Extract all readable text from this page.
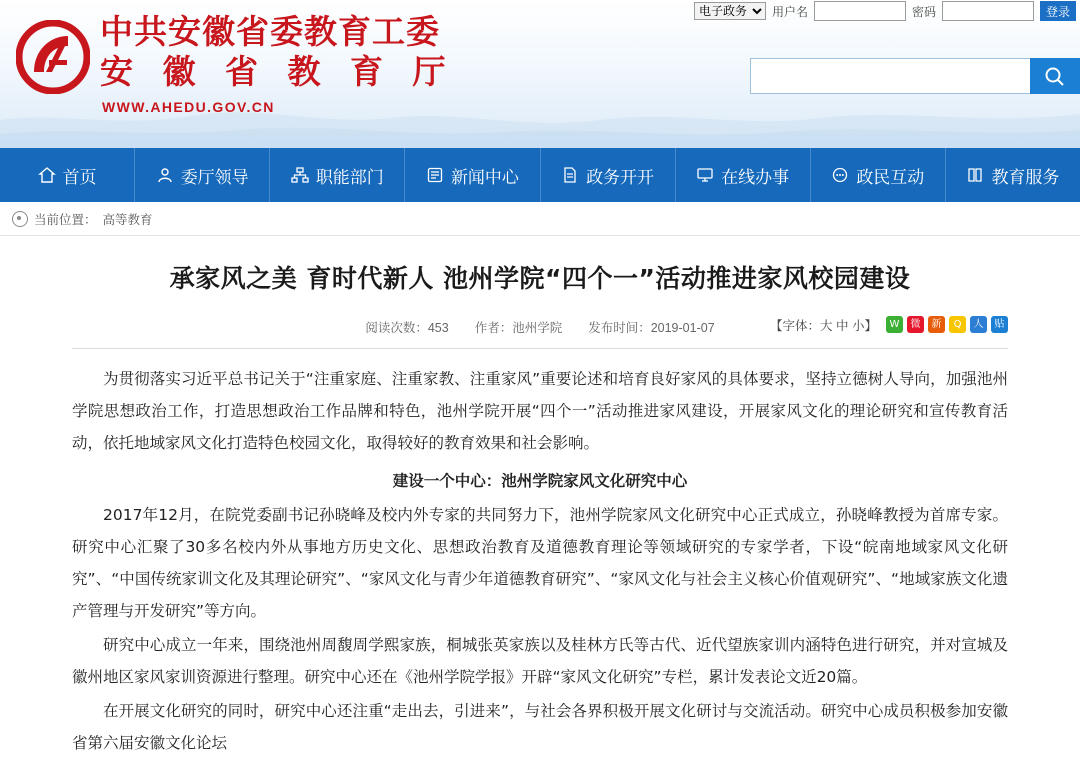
电子政务
用户名	密码	登录
中共安徽省委教育工委
安 徽 省 教 育 厅
WWW.AHEDU.GOV.CN
首页	委厅领导	职能部门	新闻中心	政务开开	在线办事	政民互动	教育服务
当前位置： 高等教育
承家风之美 育时代新人 池州学院“四个一”活动推进家风校园建设
阅读次数：453 作者：池州学院 发布时间：2019-01-07	【字体：大 中 小】	W	微	新	Q	人	贴

为贯彻落实习近平总书记关于“注重家庭、注重家教、注重家风”重要论述和培育良好家风的具体要求，坚持立德树人导向，加强池州学院思想政治工作，打造思想政治工作品牌和特色，池州学院开展“四个一”活动推进家风建设，开展家风文化的理论研究和宣传教育活动，依托地域家风文化打造特色校园文化，取得较好的教育效果和社会影响。

建设一个中心：池州学院家风文化研究中心

2017年12月，在院党委副书记孙晓峰及校内外专家的共同努力下，池州学院家风文化研究中心正式成立，孙晓峰教授为首席专家。研究中心汇聚了30多名校内外从事地方历史文化、思想政治教育及道德教育理论等领域研究的专家学者，下设“皖南地域家风文化研究”、“中国传统家训文化及其理论研究”、“家风文化与青少年道德教育研究”、“家风文化与社会主义核心价值观研究”、“地域家族文化遗产管理与开发研究”等方向。

研究中心成立一年来，围绕池州周馥周学熙家族，桐城张英家族以及桂林方氏等古代、近代望族家训内涵特色进行研究，并对宣城及徽州地区家风家训资源进行整理。研究中心还在《池州学院学报》开辟“家风文化研究”专栏，累计发表论文近20篇。

在开展文化研究的同时，研究中心还注重“走出去，引进来”，与社会各界积极开展文化研讨与交流活动。研究中心成员积极参加安徽省第六届安徽文化论坛
